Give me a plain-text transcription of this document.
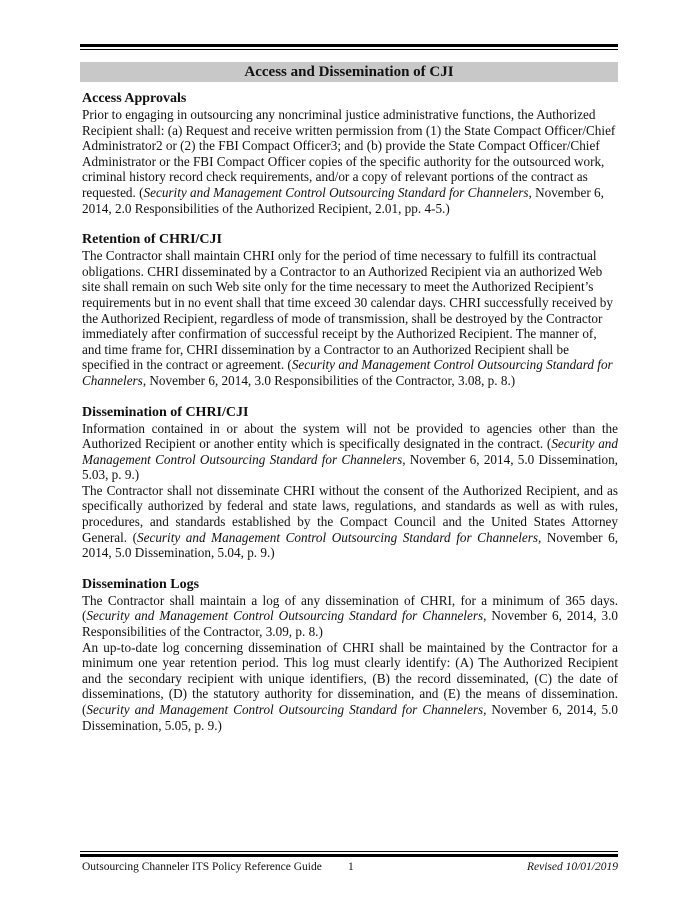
Access and Dissemination of CJI
Access Approvals

Prior to engaging in outsourcing any noncriminal justice administrative functions, the Authorized Recipient shall: (a) Request and receive written permission from (1) the State Compact Officer/Chief Administrator2 or (2) the FBI Compact Officer3; and (b) provide the State Compact Officer/Chief Administrator or the FBI Compact Officer copies of the specific authority for the outsourced work, criminal history record check requirements, and/or a copy of relevant portions of the contract as requested. (Security and Management Control Outsourcing Standard for Channelers, November 6, 2014, 2.0 Responsibilities of the Authorized Recipient, 2.01, pp. 4-5.)

Retention of CHRI/CJI

The Contractor shall maintain CHRI only for the period of time necessary to fulfill its contractual obligations. CHRI disseminated by a Contractor to an Authorized Recipient via an authorized Web site shall remain on such Web site only for the time necessary to meet the Authorized Recipient’s requirements but in no event shall that time exceed 30 calendar days. CHRI successfully received by the Authorized Recipient, regardless of mode of transmission, shall be destroyed by the Contractor immediately after confirmation of successful receipt by the Authorized Recipient. The manner of, and time frame for, CHRI dissemination by a Contractor to an Authorized Recipient shall be specified in the contract or agreement. (Security and Management Control Outsourcing Standard for Channelers, November 6, 2014, 3.0 Responsibilities of the Contractor, 3.08, p. 8.)

Dissemination of CHRI/CJI

Information contained in or about the system will not be provided to agencies other than the Authorized Recipient or another entity which is specifically designated in the contract. (Security and Management Control Outsourcing Standard for Channelers, November 6, 2014, 5.0 Dissemination, 5.03, p. 9.)

The Contractor shall not disseminate CHRI without the consent of the Authorized Recipient, and as specifically authorized by federal and state laws, regulations, and standards as well as with rules, procedures, and standards established by the Compact Council and the United States Attorney General. (Security and Management Control Outsourcing Standard for Channelers, November 6, 2014, 5.0 Dissemination, 5.04, p. 9.)

Dissemination Logs

The Contractor shall maintain a log of any dissemination of CHRI, for a minimum of 365 days. (Security and Management Control Outsourcing Standard for Channelers, November 6, 2014, 3.0 Responsibilities of the Contractor, 3.09, p. 8.)

An up-to-date log concerning dissemination of CHRI shall be maintained by the Contractor for a minimum one year retention period. This log must clearly identify: (A) The Authorized Recipient and the secondary recipient with unique identifiers, (B) the record disseminated, (C) the date of disseminations, (D) the statutory authority for dissemination, and (E) the means of dissemination. (Security and Management Control Outsourcing Standard for Channelers, November 6, 2014, 5.0 Dissemination, 5.05, p. 9.)

Outsourcing Channeler ITS Policy Reference Guide 1	Revised 10/01/2019
